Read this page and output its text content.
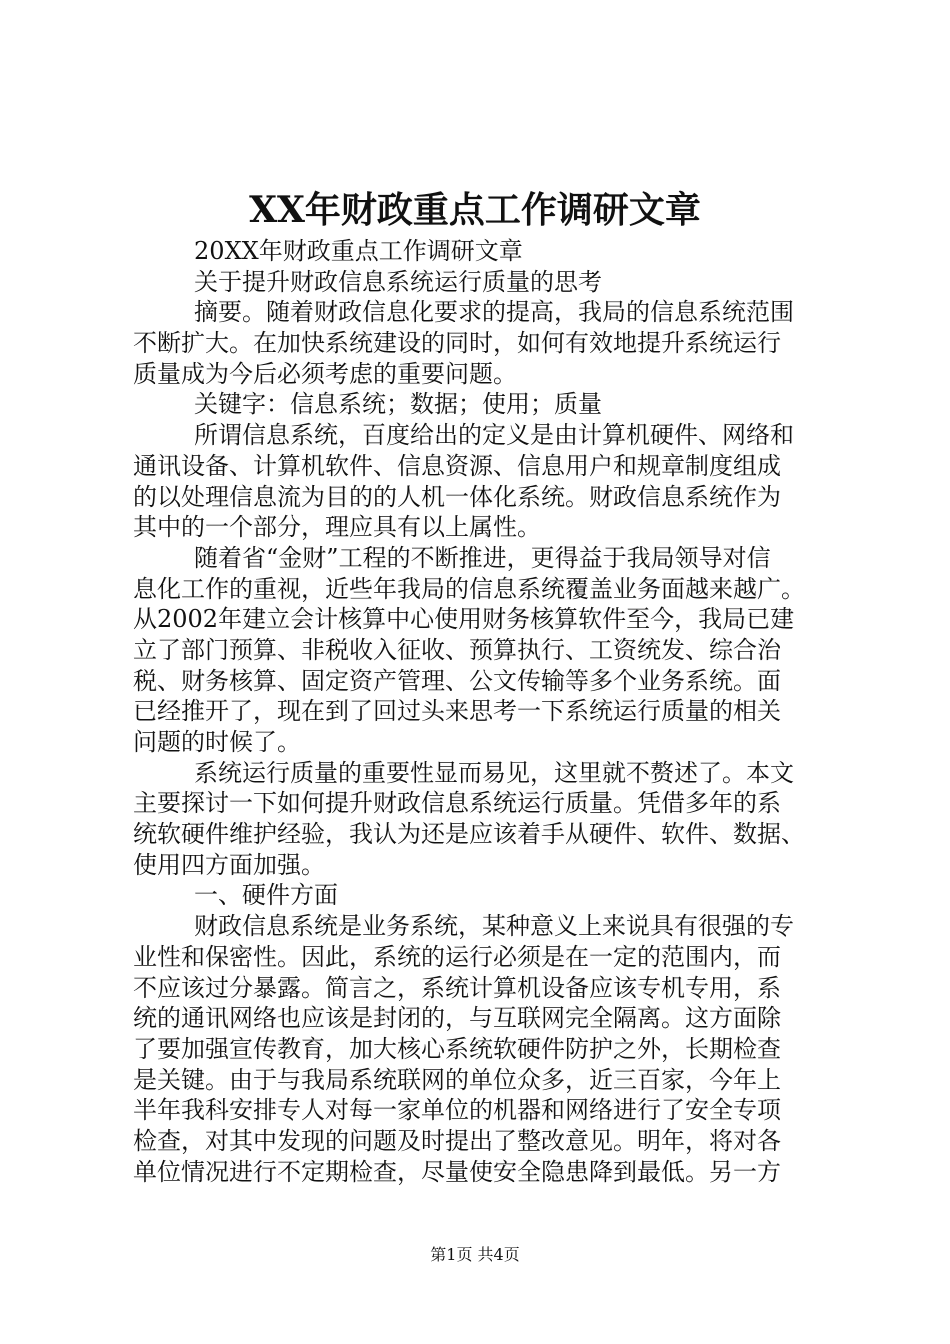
XX年财政重点工作调研文章
20XX年财政重点工作调研文章
关于提升财政信息系统运行质量的思考
摘要。随着财政信息化要求的提高，我局的信息系统范围
不断扩大。在加快系统建设的同时，如何有效地提升系统运行
质量成为今后必须考虑的重要问题。
关键字：信息系统；数据；使用；质量
所谓信息系统，百度给出的定义是由计算机硬件、网络和
通讯设备、计算机软件、信息资源、信息用户和规章制度组成
的以处理信息流为目的的人机一体化系统。财政信息系统作为
其中的一个部分，理应具有以上属性。
随着省“金财”工程的不断推进，更得益于我局领导对信
息化工作的重视，近些年我局的信息系统覆盖业务面越来越广。
从2002年建立会计核算中心使用财务核算软件至今，我局已建
立了部门预算、非税收入征收、预算执行、工资统发、综合治
税、财务核算、固定资产管理、公文传输等多个业务系统。面
已经推开了，现在到了回过头来思考一下系统运行质量的相关
问题的时候了。
系统运行质量的重要性显而易见，这里就不赘述了。本文
主要探讨一下如何提升财政信息系统运行质量。凭借多年的系
统软硬件维护经验，我认为还是应该着手从硬件、软件、数据、
使用四方面加强。
一、硬件方面
财政信息系统是业务系统，某种意义上来说具有很强的专
业性和保密性。因此，系统的运行必须是在一定的范围内，而
不应该过分暴露。简言之，系统计算机设备应该专机专用，系
统的通讯网络也应该是封闭的，与互联网完全隔离。这方面除
了要加强宣传教育，加大核心系统软硬件防护之外，长期检查
是关键。由于与我局系统联网的单位众多，近三百家，今年上
半年我科安排专人对每一家单位的机器和网络进行了安全专项
检查，对其中发现的问题及时提出了整改意见。明年，将对各
单位情况进行不定期检查，尽量使安全隐患降到最低。另一方
第1页 共4页
